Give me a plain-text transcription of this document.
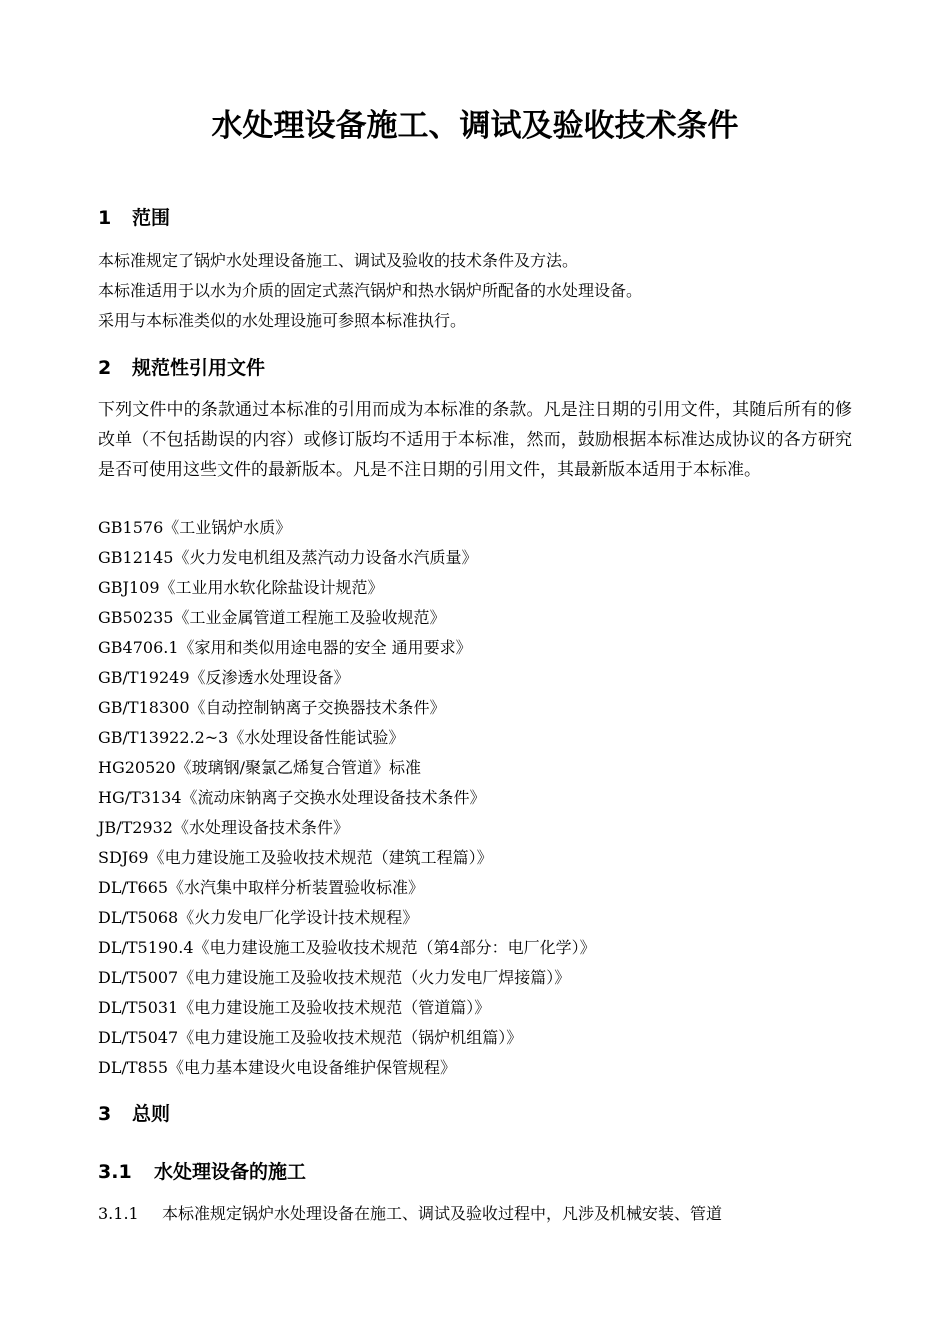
水处理设备施工、调试及验收技术条件
1 范围
本标准规定了锅炉水处理设备施工、调试及验收的技术条件及方法。
本标准适用于以水为介质的固定式蒸汽锅炉和热水锅炉所配备的水处理设备。
采用与本标准类似的水处理设施可参照本标准执行。
2 规范性引用文件
下列文件中的条款通过本标准的引用而成为本标准的条款。凡是注日期的引用文件，其随后所有的修改单（不包括勘误的内容）或修订版均不适用于本标准，然而，鼓励根据本标准达成协议的各方研究是否可使用这些文件的最新版本。凡是不注日期的引用文件，其最新版本适用于本标准。
GB1576《工业锅炉水质》
GB12145《火力发电机组及蒸汽动力设备水汽质量》
GBJ109《工业用水软化除盐设计规范》
GB50235《工业金属管道工程施工及验收规范》
GB4706.1《家用和类似用途电器的安全 通用要求》
GB/T19249《反渗透水处理设备》
GB/T18300《自动控制钠离子交换器技术条件》
GB/T13922.2~3《水处理设备性能试验》
HG20520《玻璃钢/聚氯乙烯复合管道》标准
HG/T3134《流动床钠离子交换水处理设备技术条件》
JB/T2932《水处理设备技术条件》
SDJ69《电力建设施工及验收技术规范（建筑工程篇）》
DL/T665《水汽集中取样分析装置验收标准》
DL/T5068《火力发电厂化学设计技术规程》
DL/T5190.4《电力建设施工及验收技术规范（第4部分：电厂化学）》
DL/T5007《电力建设施工及验收技术规范（火力发电厂焊接篇）》
DL/T5031《电力建设施工及验收技术规范（管道篇）》
DL/T5047《电力建设施工及验收技术规范（锅炉机组篇）》
DL/T855《电力基本建设火电设备维护保管规程》
3 总则
3.1 水处理设备的施工
3.1.1 本标准规定锅炉水处理设备在施工、调试及验收过程中，凡涉及机械安装、管道
